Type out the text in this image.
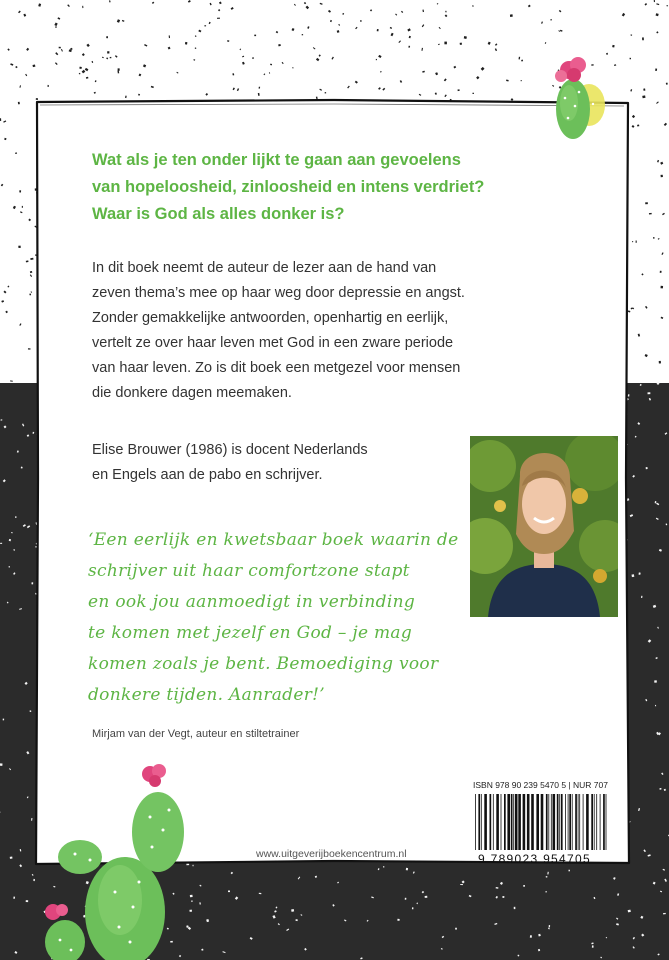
Wat als je ten onder lijkt te gaan aan gevoelens
van hopeloosheid, zinloosheid en intens verdriet?
Waar is God als alles donker is?
In dit boek neemt de auteur de lezer aan de hand van
zeven thema’s mee op haar weg door depressie en angst.
Zonder gemakkelijke antwoorden, openhartig en eerlijk,
vertelt ze over haar leven met God in een zware periode
van haar leven. Zo is dit boek een metgezel voor mensen
die donkere dagen meemaken.
Elise Brouwer (1986) is docent Nederlands
en Engels aan de pabo en schrijver.
‘Een eerlijk en kwetsbaar boek waarin de
schrijver uit haar comfortzone stapt
en ook jou aanmoedigt in verbinding
te komen met jezelf en God – je mag
komen zoals je bent. Bemoediging voor
donkere tijden. Aanrader!’
Mirjam van der Vegt, auteur en stiltetrainer
ISBN 978 90 239 5470 5 | NUR 707
9 789023 954705
www.uitgeverijboekencentrum.nl
